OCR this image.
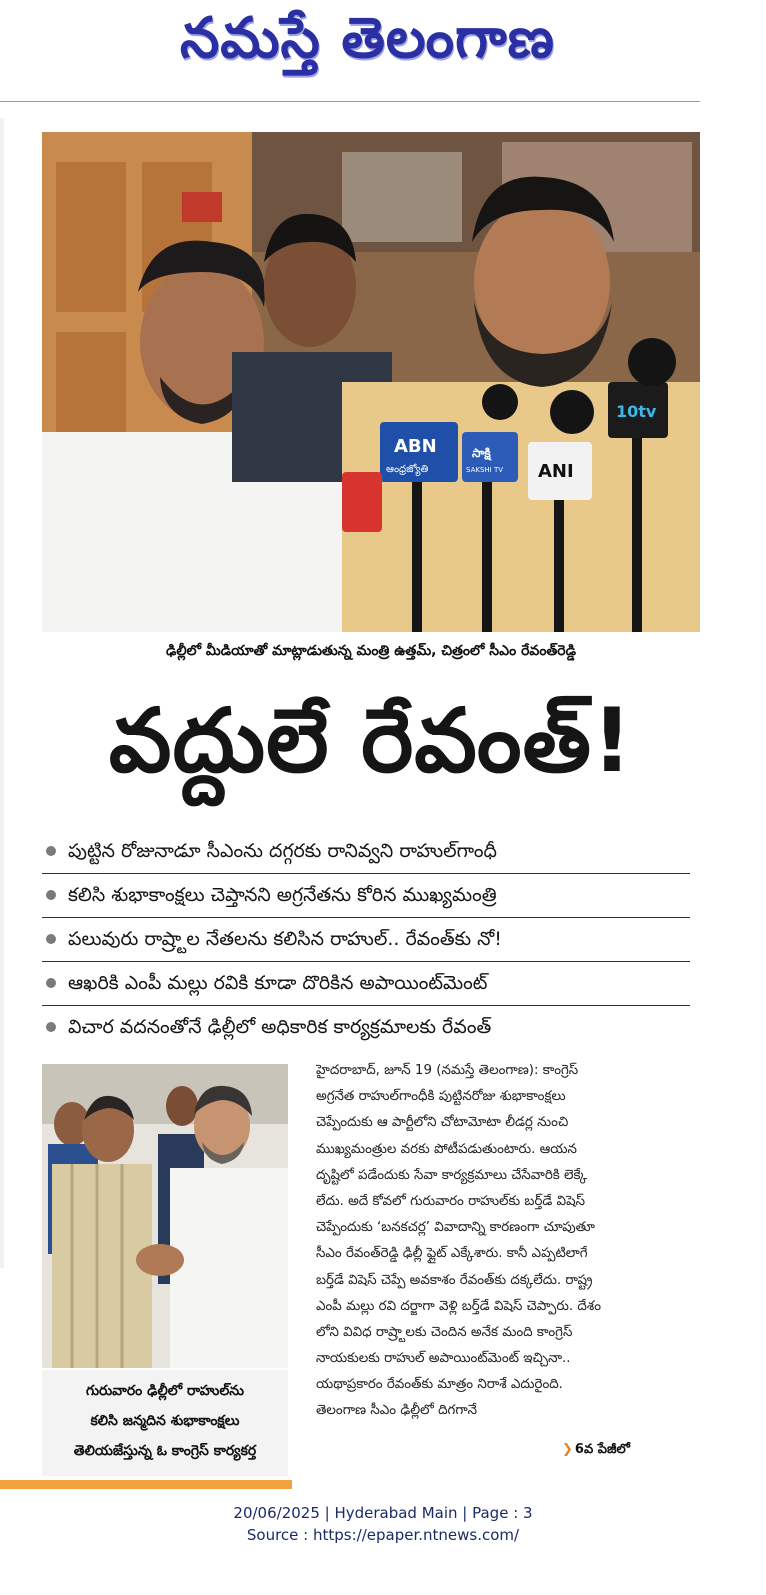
నమస్తే తెలంగాణ
ABN
ఆంధ్రజ్యోతి
సాక్షి
SAKSHI TV ANI
10tv
ఢిల్లీలో మీడియాతో మాట్లాడుతున్న మంత్రి ఉత్తమ్, చిత్రంలో సీఎం రేవంత్‌రెడ్డి
వద్దులే రేవంత్!
పుట్టిన రోజునాడూ సీఎంను దగ్గరకు రానివ్వని రాహుల్‌గాంధీ
కలిసి శుభాకాంక్షలు చెప్తానని అగ్రనేతను కోరిన ముఖ్యమంత్రి
పలువురు రాష్ర్టాల నేతలను కలిసిన రాహుల్.. రేవంత్‌కు నో!
ఆఖరికి ఎంపీ మల్లు రవికి కూడా దొరికిన అపాయింట్‌మెంట్
విచార వదనంతోనే ఢిల్లీలో అధికారిక కార్యక్రమాలకు రేవంత్
గురువారం ఢిల్లీలో రాహుల్‌ను
కలిసి జన్మదిన శుభాకాంక్షలు
తెలియజేస్తున్న ఓ కాంగ్రెస్ కార్యకర్త
హైదరాబాద్, జూన్ 19 (నమస్తే తెలంగాణ): కాంగ్రెస్
అగ్రనేత రాహుల్‌గాంధీకి పుట్టినరోజు శుభాకాంక్షలు
చెప్పేందుకు ఆ పార్టీలోని చోటామోటా లీడర్ల నుంచి
ముఖ్యమంత్రుల వరకు పోటీపడుతుంటారు. ఆయన
దృష్టిలో పడేందుకు సేవా కార్యక్రమాలు చేసేవారికి లెక్కే
లేదు. అదే కోవలో గురువారం రాహుల్‌కు బర్త్‌డే విషెస్
చెప్పేందుకు ‘బనకచర్ల’ వివాదాన్ని కారణంగా చూపుతూ
సీఎం రేవంత్‌రెడ్డి ఢిల్లీ ఫ్లైట్ ఎక్కేశారు. కానీ ఎప్పటిలాగే
బర్త్‌డే విషెస్ చెప్పే అవకాశం రేవంత్‌కు దక్కలేదు. రాష్ట్ర
ఎంపీ మల్లు రవి దర్జాగా వెళ్లి బర్త్‌డే విషెస్ చెప్పారు. దేశం
లోని వివిధ రాష్ర్టాలకు చెందిన అనేక మంది కాంగ్రెస్
నాయకులకు రాహుల్ అపాయింట్‌మెంట్ ఇచ్చినా..
యథాప్రకారం రేవంత్‌కు మాత్రం నిరాశే ఎదురైంది.
తెలంగాణ సీఎం ఢిల్లీలో దిగగానే
❯ 6వ పేజీలో
20/06/2025 | Hyderabad Main | Page : 3
Source : https://epaper.ntnews.com/
